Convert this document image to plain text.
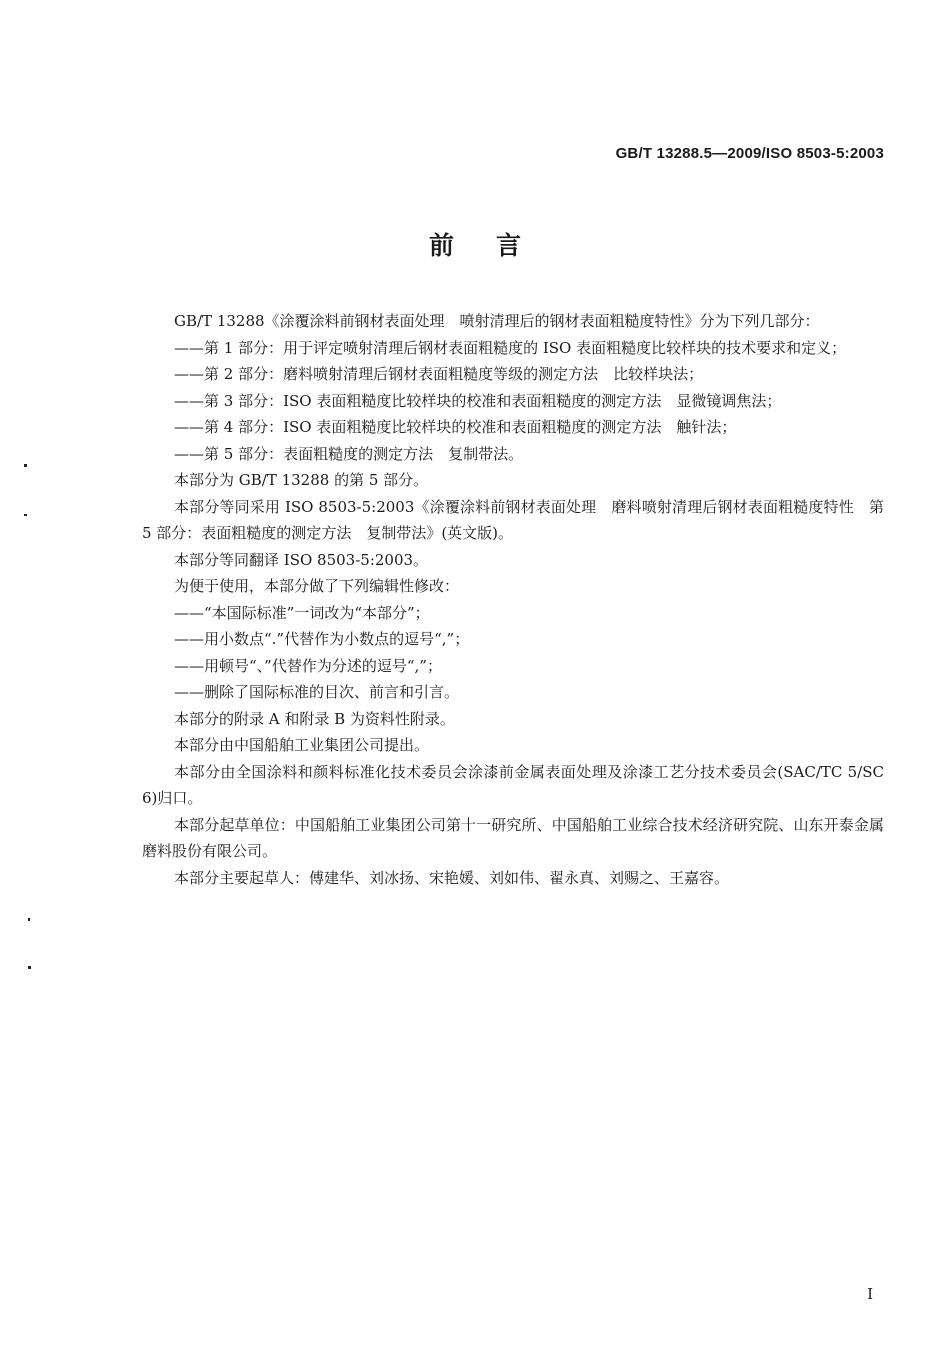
GB/T 13288.5—2009/ISO 8503-5:2003
前言

GB/T 13288《涂覆涂料前钢材表面处理　喷射清理后的钢材表面粗糙度特性》分为下列几部分：

——第 1 部分：用于评定喷射清理后钢材表面粗糙度的 ISO 表面粗糙度比较样块的技术要求和定义；

——第 2 部分：磨料喷射清理后钢材表面粗糙度等级的测定方法　比较样块法；

——第 3 部分：ISO 表面粗糙度比较样块的校准和表面粗糙度的测定方法　显微镜调焦法；

——第 4 部分：ISO 表面粗糙度比较样块的校准和表面粗糙度的测定方法　触针法；

——第 5 部分：表面粗糙度的测定方法　复制带法。

本部分为 GB/T 13288 的第 5 部分。

本部分等同采用 ISO 8503-5:2003《涂覆涂料前钢材表面处理　磨料喷射清理后钢材表面粗糙度特性　第 5 部分：表面粗糙度的测定方法　复制带法》(英文版)。

本部分等同翻译 ISO 8503-5:2003。

为便于使用，本部分做了下列编辑性修改：

——“本国际标准”一词改为“本部分”；

——用小数点“.”代替作为小数点的逗号“,”；

——用顿号“、”代替作为分述的逗号“,”；

——删除了国际标准的目次、前言和引言。

本部分的附录 A 和附录 B 为资料性附录。

本部分由中国船舶工业集团公司提出。

本部分由全国涂料和颜料标准化技术委员会涂漆前金属表面处理及涂漆工艺分技术委员会(SAC/TC 5/SC 6)归口。

本部分起草单位：中国船舶工业集团公司第十一研究所、中国船舶工业综合技术经济研究院、山东开泰金属磨料股份有限公司。

本部分主要起草人：傅建华、刘冰扬、宋艳媛、刘如伟、翟永真、刘赐之、王嘉容。

I
